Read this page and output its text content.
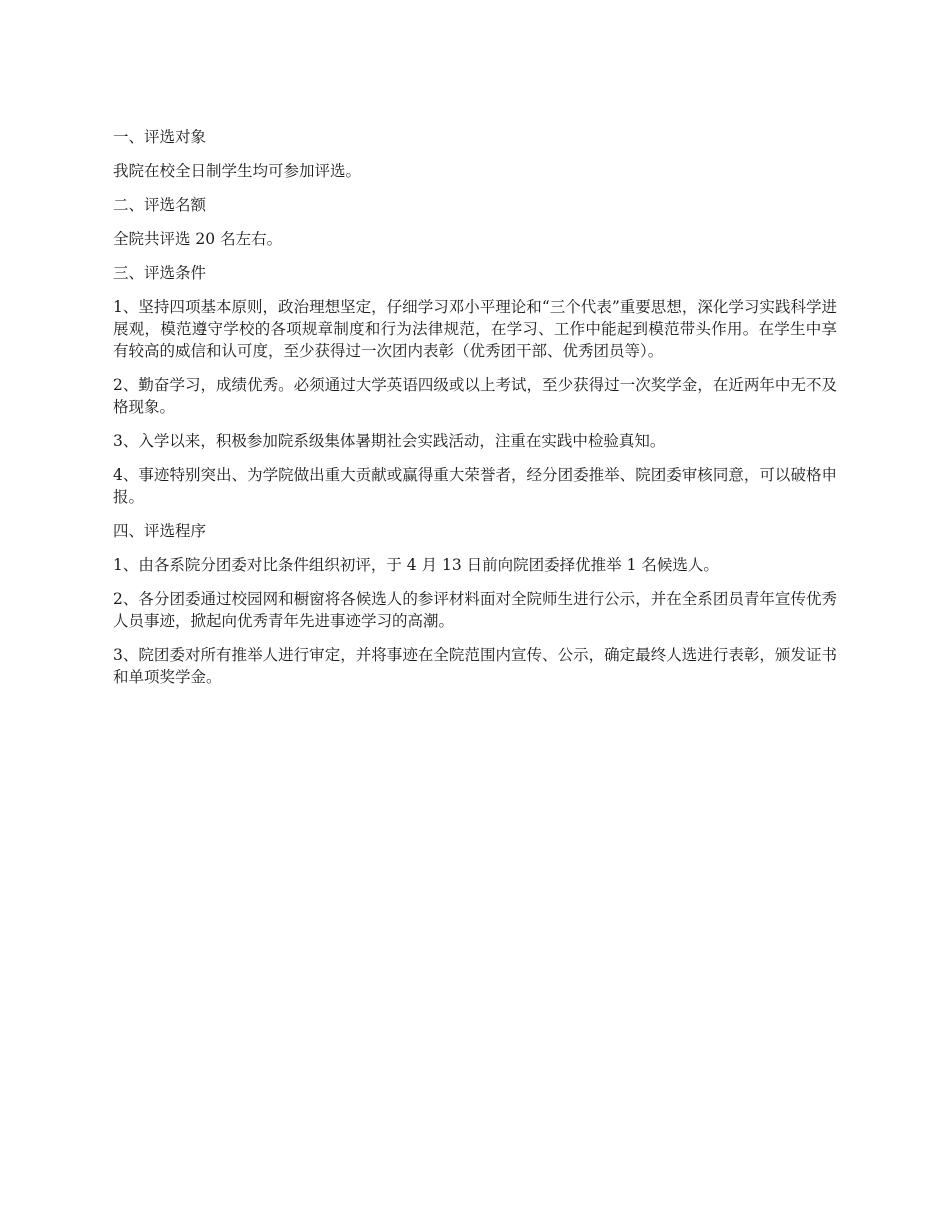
一、评选对象

我院在校全日制学生均可参加评选。

二、评选名额

全院共评选 20 名左右。

三、评选条件

1、坚持四项基本原则，政治理想坚定，仔细学习邓小平理论和“三个代表”重要思想，深化学习实践科学进展观，模范遵守学校的各项规章制度和行为法律规范，在学习、工作中能起到模范带头作用。在学生中享有较高的威信和认可度，至少获得过一次团内表彰（优秀团干部、优秀团员等）。

2、勤奋学习，成绩优秀。必须通过大学英语四级或以上考试，至少获得过一次奖学金，在近两年中无不及格现象。

3、入学以来，积极参加院系级集体暑期社会实践活动，注重在实践中检验真知。

4、事迹特别突出、为学院做出重大贡献或赢得重大荣誉者，经分团委推举、院团委审核同意，可以破格申报。

四、评选程序

1、由各系院分团委对比条件组织初评，于 4 月 13 日前向院团委择优推举 1 名候选人。

2、各分团委通过校园网和橱窗将各候选人的参评材料面对全院师生进行公示，并在全系团员青年宣传优秀人员事迹，掀起向优秀青年先进事迹学习的高潮。

3、院团委对所有推举人进行审定，并将事迹在全院范围内宣传、公示，确定最终人选进行表彰，颁发证书和单项奖学金。
